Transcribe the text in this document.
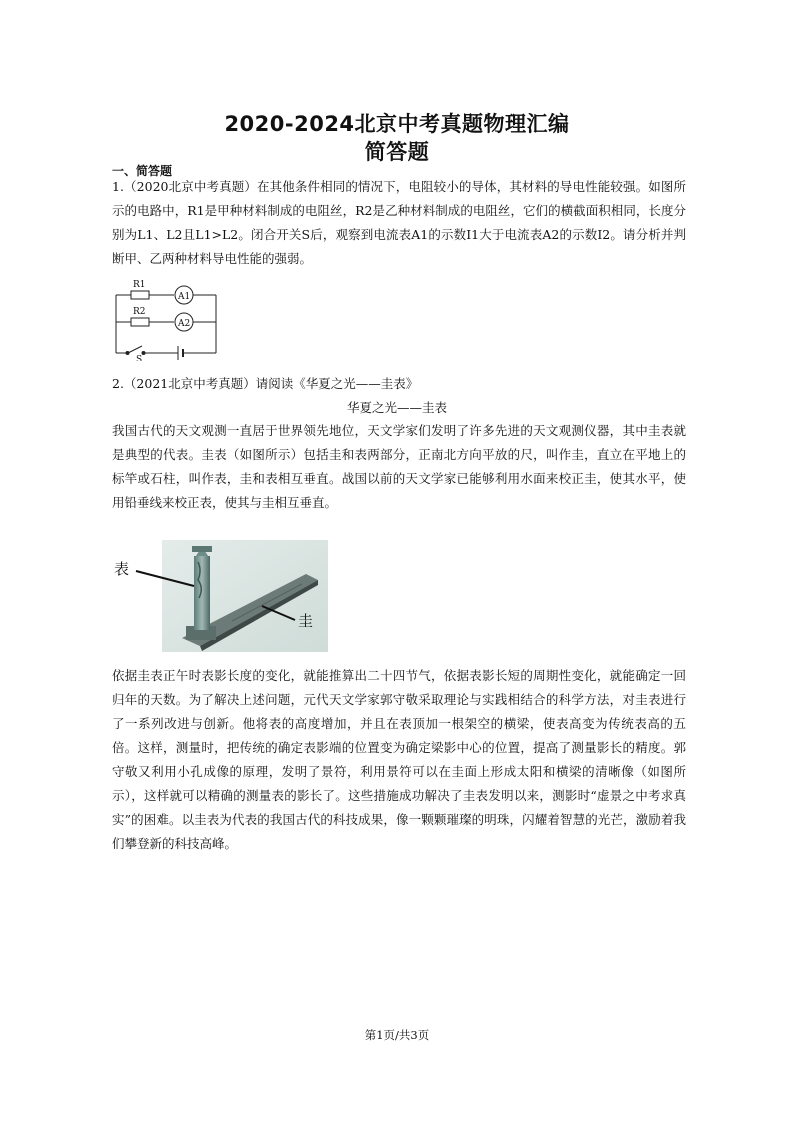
2020-2024北京中考真题物理汇编
简答题
一、简答题

1.（2020北京中考真题）在其他条件相同的情况下，电阻较小的导体，其材料的导电性能较强。如图所示的电路中，R1是甲种材料制成的电阻丝，R2是乙种材料制成的电阻丝，它们的横截面积相同，长度分别为L1、L2且L1>L2。闭合开关S后，观察到电流表A1的示数I1大于电流表A2的示数I2。请分析并判断甲、乙两种材料导电性能的强弱。

R1
R2
A1
A2
S
2.（2021北京中考真题）请阅读《华夏之光——圭表》
华夏之光——圭表

我国古代的天文观测一直居于世界领先地位，天文学家们发明了许多先进的天文观测仪器，其中圭表就是典型的代表。圭表（如图所示）包括圭和表两部分，正南北方向平放的尺，叫作圭，直立在平地上的标竿或石柱，叫作表，圭和表相互垂直。战国以前的天文学家已能够利用水面来校正圭，使其水平，使用铅垂线来校正表，使其与圭相互垂直。

表
圭

依据圭表正午时表影长度的变化，就能推算出二十四节气，依据表影长短的周期性变化，就能确定一回归年的天数。为了解决上述问题，元代天文学家郭守敬采取理论与实践相结合的科学方法，对圭表进行了一系列改进与创新。他将表的高度增加，并且在表顶加一根架空的横梁，使表高变为传统表高的五倍。这样，测量时，把传统的确定表影端的位置变为确定梁影中心的位置，提高了测量影长的精度。郭守敬又利用小孔成像的原理，发明了景符，利用景符可以在圭面上形成太阳和横梁的清晰像（如图所示），这样就可以精确的测量表的影长了。这些措施成功解决了圭表发明以来，测影时“虚景之中考求真实”的困难。以圭表为代表的我国古代的科技成果，像一颗颗璀璨的明珠，闪耀着智慧的光芒，激励着我们攀登新的科技高峰。

第1页/共3页
